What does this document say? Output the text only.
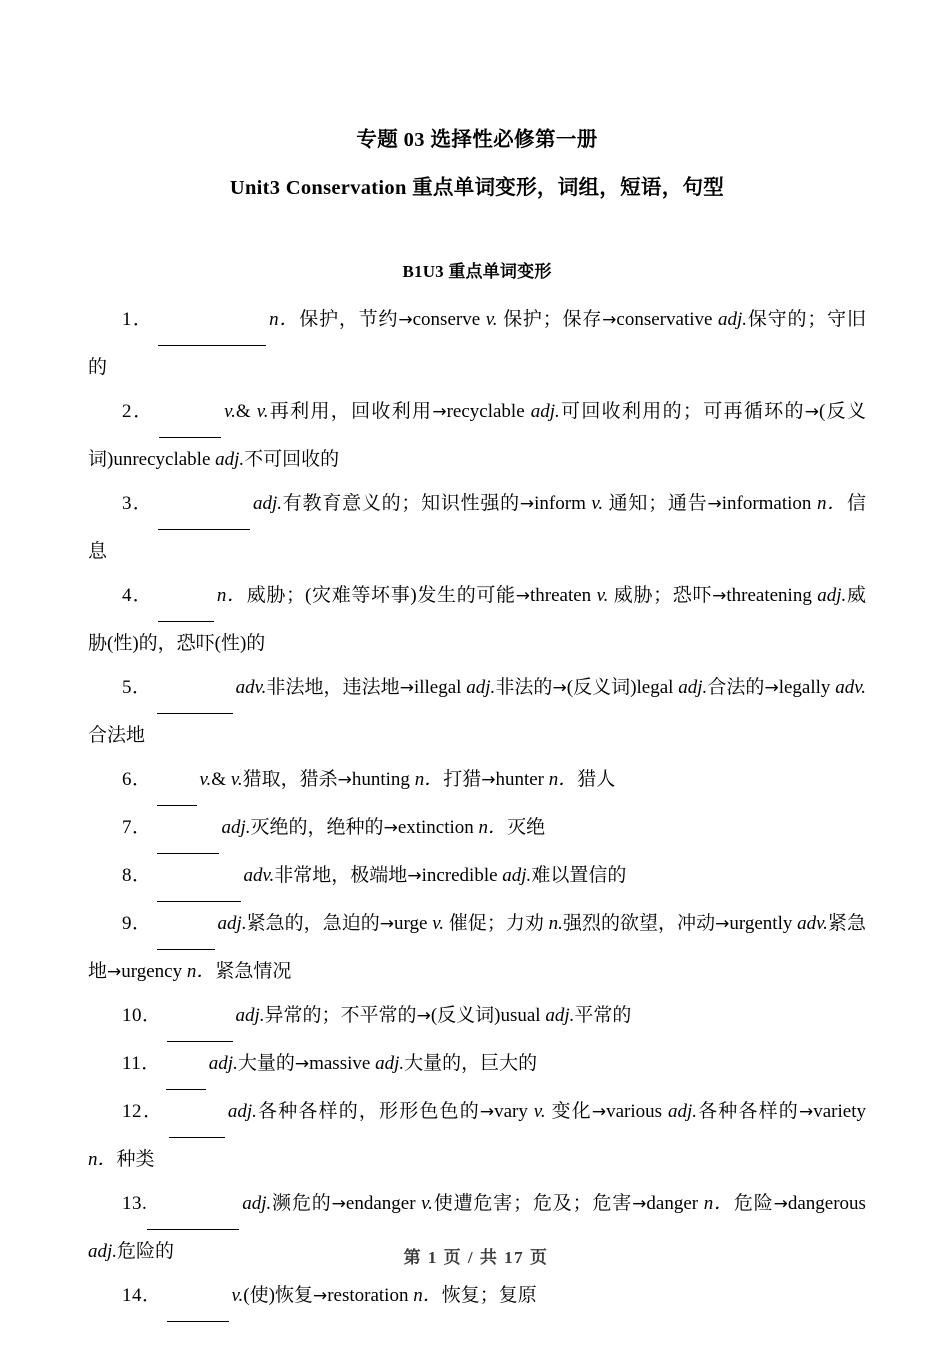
专题 03 选择性必修第一册
Unit3 Conservation 重点单词变形，词组，短语，句型
B1U3 重点单词变形

1．	n．保护，节约→conserve v. 保护；保存→conservative adj.保守的；守旧的

2．	v.& v.再利用，回收利用→recyclable adj.可回收利用的；可再循环的→(反义词)unrecyclable adj.不可回收的

3．	adj.有教育意义的；知识性强的→inform v. 通知；通告→information n．信息

4．	n．威胁；(灾难等坏事)发生的可能→threaten v. 威胁；恐吓→threatening adj.威胁(性)的，恐吓(性)的

5．	adv.非法地，违法地→illegal adj.非法的→(反义词)legal adj.合法的→legally adv.合法地

6．	v.& v.猎取，猎杀→hunting n．打猎→hunter n．猎人

7．	adj.灭绝的，绝种的→extinction n．灭绝

8．	adv.非常地，极端地→incredible adj.难以置信的

9．	adj.紧急的，急迫的→urge v. 催促；力劝 n.强烈的欲望，冲动→urgently adv.紧急地→urgency n．紧急情况

10．	adj.异常的；不平常的→(反义词)usual adj.平常的

11．	adj.大量的→massive adj.大量的，巨大的

12．	adj.各种各样的，形形色色的→vary v. 变化→various adj.各种各样的→variety n．种类

13.	adj.濒危的→endanger v.使遭危害；危及；危害→danger n．危险→dangerous adj.危险的

14．	v.(使)恢复→restoration n．恢复；复原

第 1 页 / 共 17 页
